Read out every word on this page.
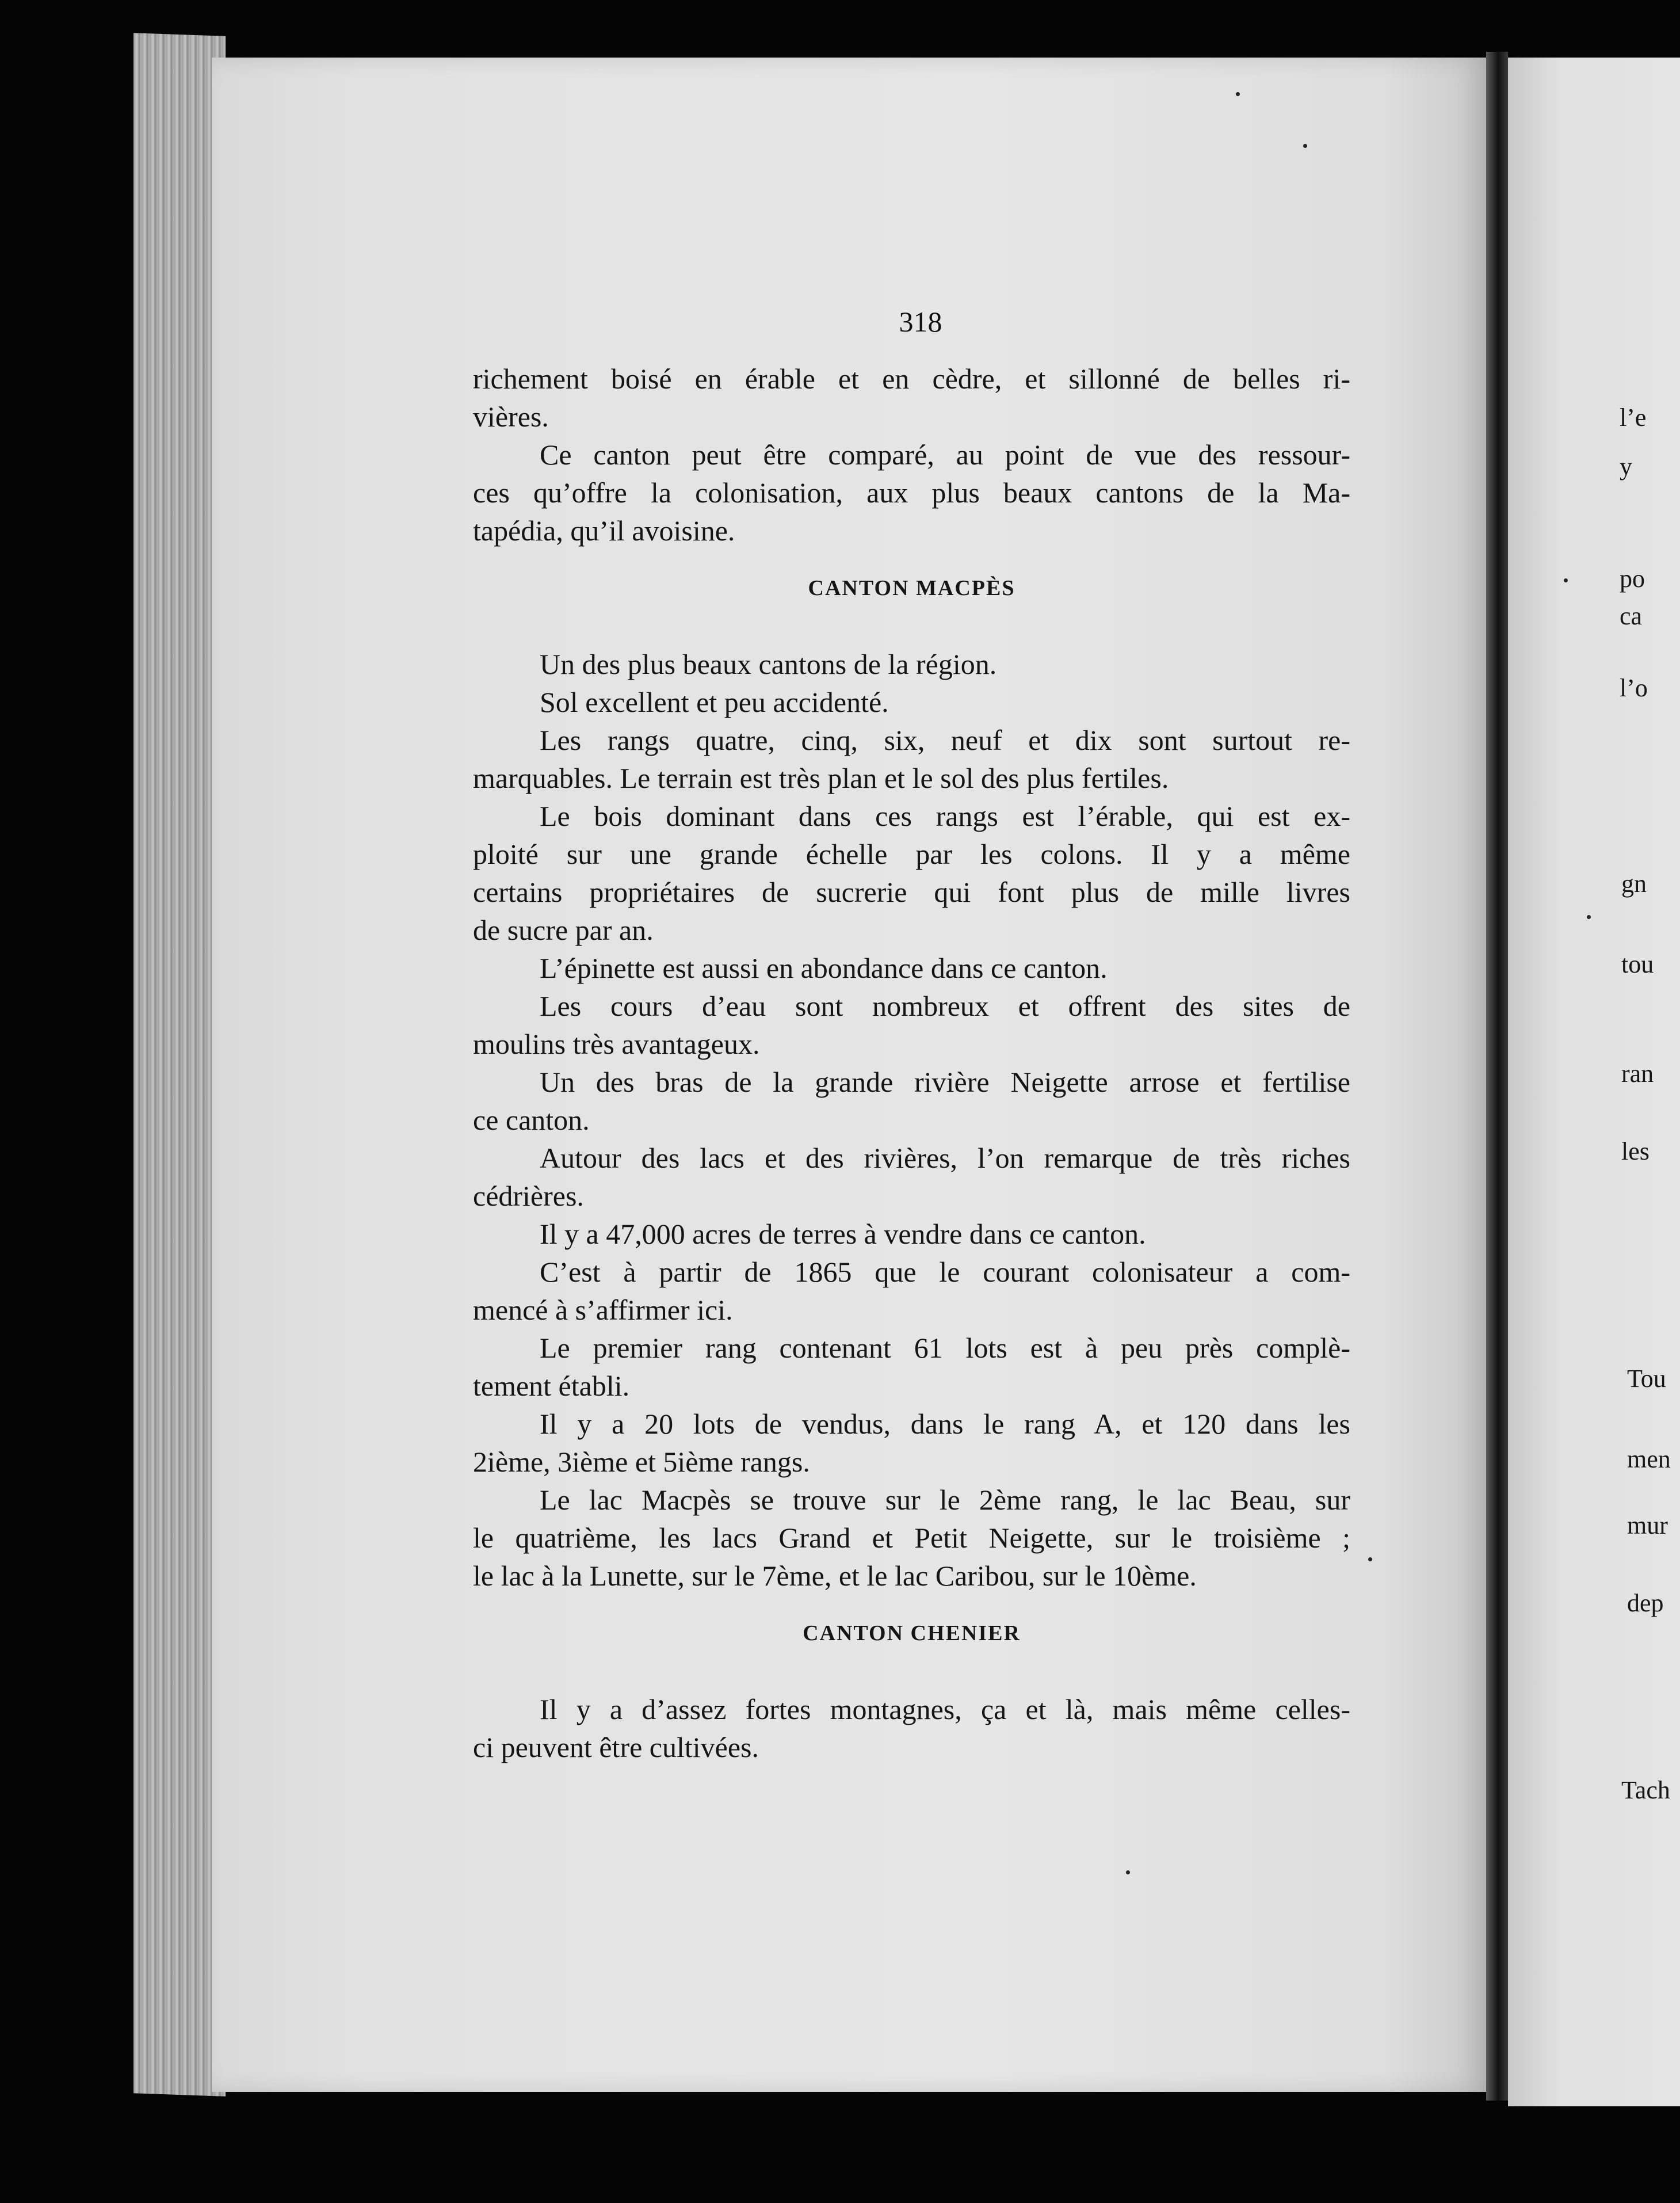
318
richement boisé en érable et en cèdre, et sillonné de belles ri-
vières.
Ce canton peut être comparé, au point de vue des ressour-
ces qu’offre la colonisation, aux plus beaux cantons de la Ma-
tapédia, qu’il avoisine.
CANTON MACPÈS
Un des plus beaux cantons de la région.
Sol excellent et peu accidenté.
Les rangs quatre, cinq, six, neuf et dix sont surtout re-
marquables. Le terrain est très plan et le sol des plus fertiles.
Le bois dominant dans ces rangs est l’érable, qui est ex-
ploité sur une grande échelle par les colons. Il y a même
certains propriétaires de sucrerie qui font plus de mille livres
de sucre par an.
L’épinette est aussi en abondance dans ce canton.
Les cours d’eau sont nombreux et offrent des sites de
moulins très avantageux.
Un des bras de la grande rivière Neigette arrose et fertilise
ce canton.
Autour des lacs et des rivières, l’on remarque de très riches
cédrières.
Il y a 47,000 acres de terres à vendre dans ce canton.
C’est à partir de 1865 que le courant colonisateur a com-
mencé à s’affirmer ici.
Le premier rang contenant 61 lots est à peu près complè-
tement établi.
Il y a 20 lots de vendus, dans le rang A, et 120 dans les
2ième, 3ième et 5ième rangs.
Le lac Macpès se trouve sur le 2ème rang, le lac Beau, sur
le quatrième, les lacs Grand et Petit Neigette, sur le troisième ;
le lac à la Lunette, sur le 7ème, et le lac Caribou, sur le 10ème.
CANTON CHENIER
Il y a d’assez fortes montagnes, ça et là, mais même celles-
ci peuvent être cultivées.
l’e
y
po
ca
l’o
gn
tou
ran
les
Tou
men
mur
dep
Tach
